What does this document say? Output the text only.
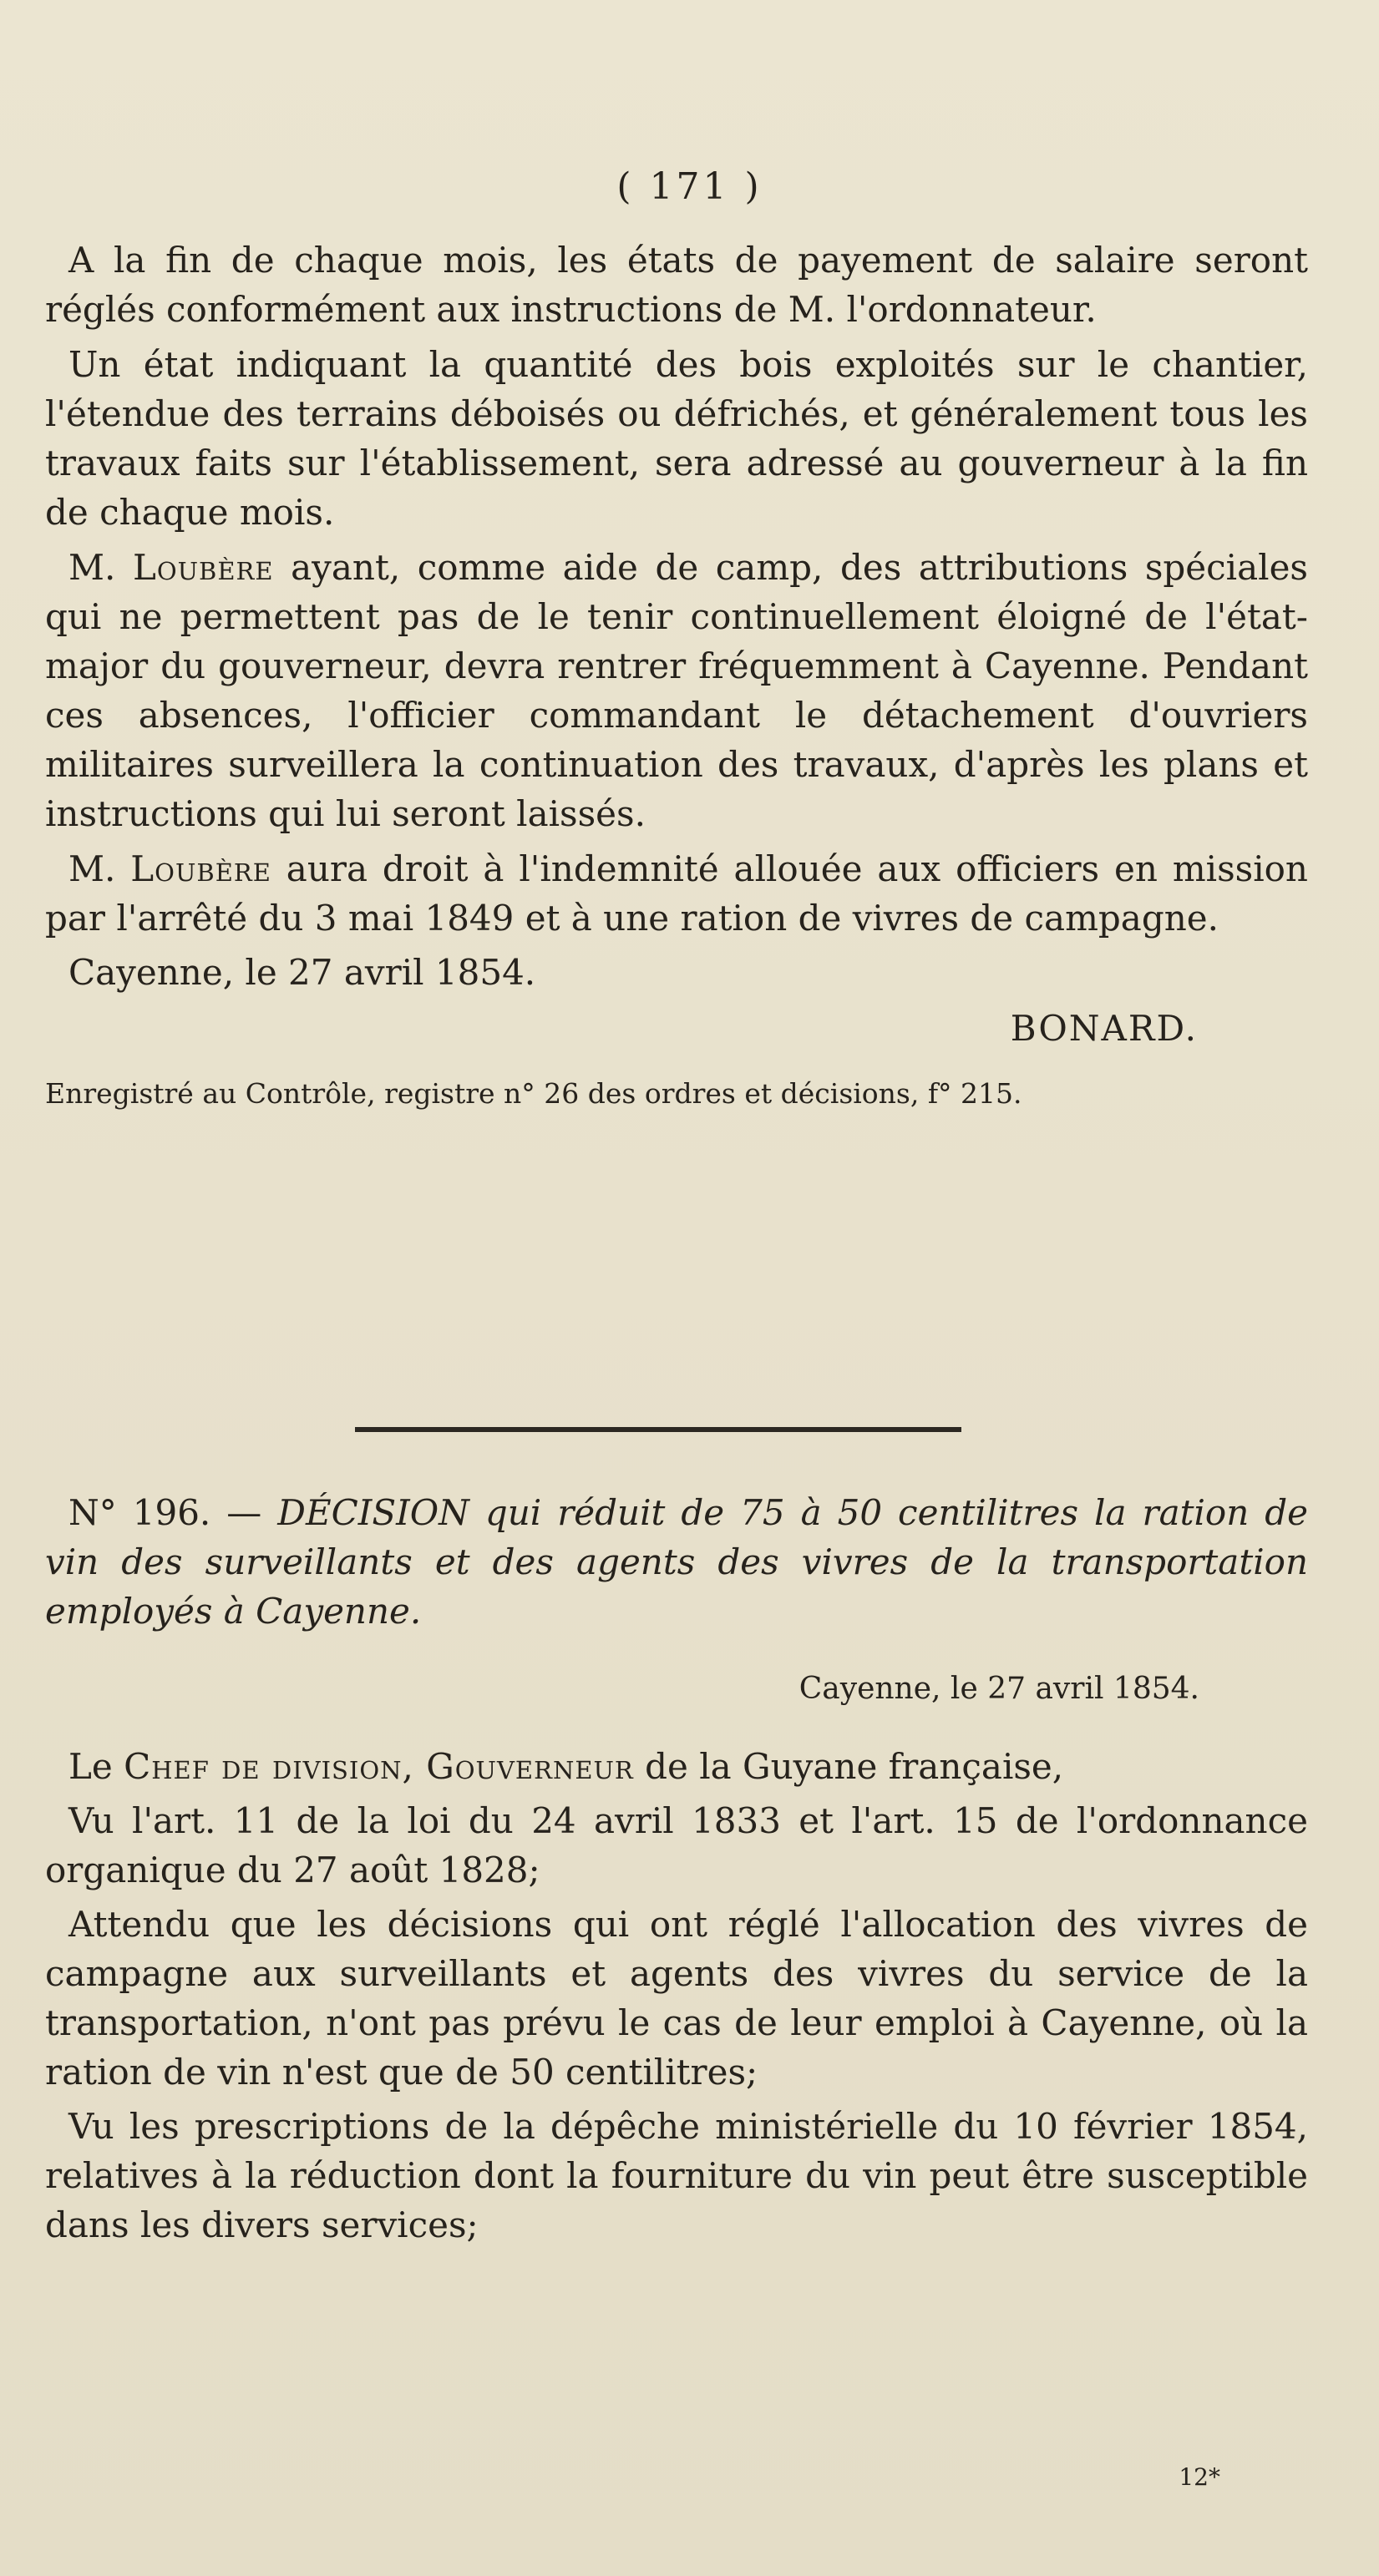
( 171 )

A la fin de chaque mois, les états de payement de salaire seront réglés conformément aux instructions de M. l'ordonnateur.

Un état indiquant la quantité des bois exploités sur le chantier, l'étendue des terrains déboisés ou défrichés, et généralement tous les travaux faits sur l'établissement, sera adressé au gouverneur à la fin de chaque mois.

M. Loubère ayant, comme aide de camp, des attributions spéciales qui ne permettent pas de le tenir continuellement éloigné de l'état-major du gouverneur, devra rentrer fréquemment à Cayenne. Pendant ces absences, l'officier commandant le détachement d'ouvriers militaires surveillera la continuation des travaux, d'après les plans et instructions qui lui seront laissés.

M. Loubère aura droit à l'indemnité allouée aux officiers en mission par l'arrêté du 3 mai 1849 et à une ration de vivres de campagne.

Cayenne, le 27 avril 1854.

BONARD.

Enregistré au Contrôle, registre n° 26 des ordres et décisions, f° 215.

N° 196. — DÉCISION qui réduit de 75 à 50 centilitres la ration de vin des surveillants et des agents des vivres de la transportation employés à Cayenne.

Cayenne, le 27 avril 1854.

Le Chef de division, Gouverneur de la Guyane française,

Vu l'art. 11 de la loi du 24 avril 1833 et l'art. 15 de l'ordonnance organique du 27 août 1828;

Attendu que les décisions qui ont réglé l'allocation des vivres de campagne aux surveillants et agents des vivres du service de la transportation, n'ont pas prévu le cas de leur emploi à Cayenne, où la ration de vin n'est que de 50 centilitres;

Vu les prescriptions de la dépêche ministérielle du 10 février 1854, relatives à la réduction dont la fourniture du vin peut être susceptible dans les divers services;

12*
